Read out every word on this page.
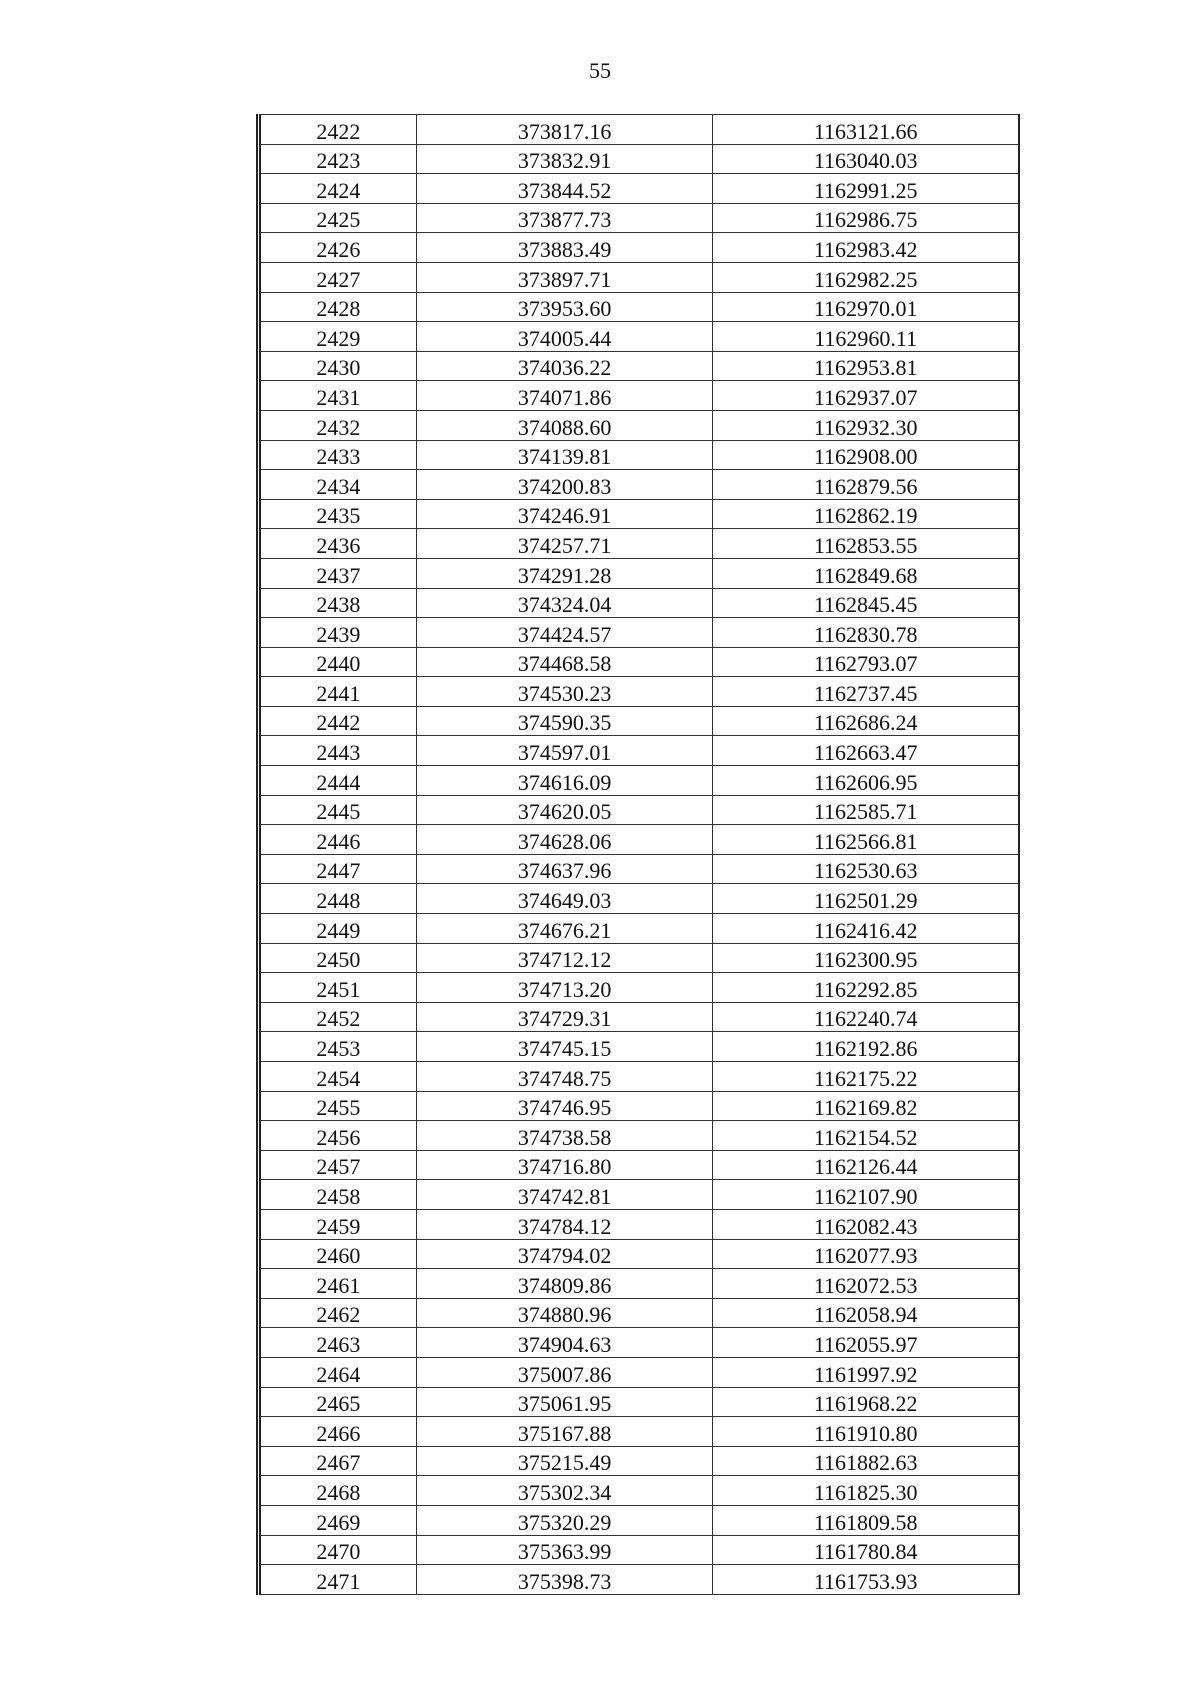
55
2422	373817.16	1163121.66
2423	373832.91	1163040.03
2424	373844.52	1162991.25
2425	373877.73	1162986.75
2426	373883.49	1162983.42
2427	373897.71	1162982.25
2428	373953.60	1162970.01
2429	374005.44	1162960.11
2430	374036.22	1162953.81
2431	374071.86	1162937.07
2432	374088.60	1162932.30
2433	374139.81	1162908.00
2434	374200.83	1162879.56
2435	374246.91	1162862.19
2436	374257.71	1162853.55
2437	374291.28	1162849.68
2438	374324.04	1162845.45
2439	374424.57	1162830.78
2440	374468.58	1162793.07
2441	374530.23	1162737.45
2442	374590.35	1162686.24
2443	374597.01	1162663.47
2444	374616.09	1162606.95
2445	374620.05	1162585.71
2446	374628.06	1162566.81
2447	374637.96	1162530.63
2448	374649.03	1162501.29
2449	374676.21	1162416.42
2450	374712.12	1162300.95
2451	374713.20	1162292.85
2452	374729.31	1162240.74
2453	374745.15	1162192.86
2454	374748.75	1162175.22
2455	374746.95	1162169.82
2456	374738.58	1162154.52
2457	374716.80	1162126.44
2458	374742.81	1162107.90
2459	374784.12	1162082.43
2460	374794.02	1162077.93
2461	374809.86	1162072.53
2462	374880.96	1162058.94
2463	374904.63	1162055.97
2464	375007.86	1161997.92
2465	375061.95	1161968.22
2466	375167.88	1161910.80
2467	375215.49	1161882.63
2468	375302.34	1161825.30
2469	375320.29	1161809.58
2470	375363.99	1161780.84
2471	375398.73	1161753.93
